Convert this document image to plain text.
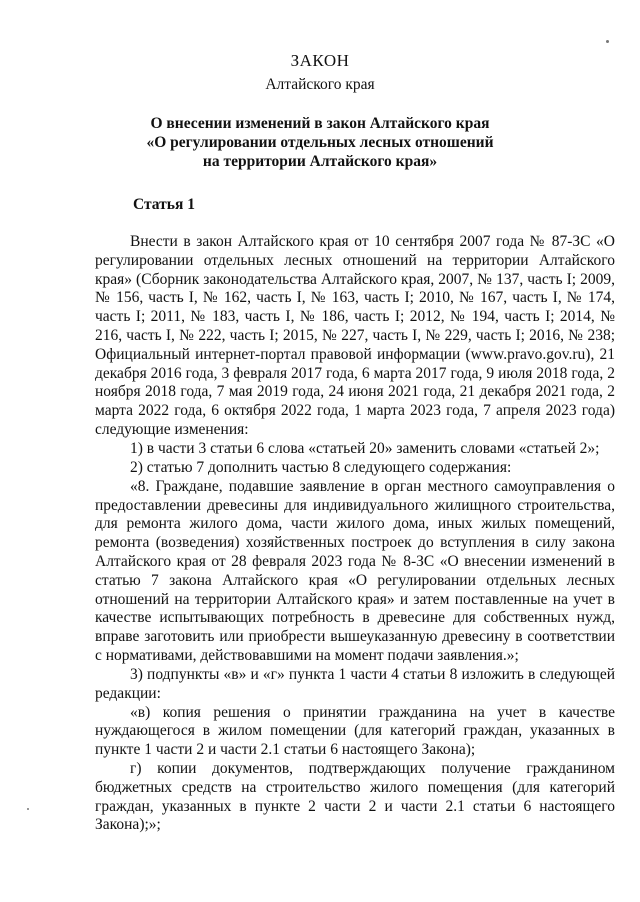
ЗАКОН
Алтайского края
О внесении изменений в закон Алтайского края
«О регулировании отдельных лесных отношений
на территории Алтайского края»
Статья 1

Внести в закон Алтайского края от 10 сентября 2007 года № 87-ЗС «О регулировании отдельных лесных отношений на территории Алтайского края» (Сборник законодательства Алтайского края, 2007, № 137, часть I; 2009, № 156, часть I, № 162, часть I, № 163, часть I; 2010, № 167, часть I, № 174, часть I; 2011, № 183, часть I, № 186, часть I; 2012, № 194, часть I; 2014, № 216, часть I, № 222, часть I; 2015, № 227, часть I, № 229, часть I; 2016, № 238; Официальный интернет-портал правовой информации (www.pravo.gov.ru), 21 декабря 2016 года, 3 февраля 2017 года, 6 марта 2017 года, 9 июля 2018 года, 2 ноября 2018 года, 7 мая 2019 года, 24 июня 2021 года, 21 декабря 2021 года, 2 марта 2022 года, 6 октября 2022 года, 1 марта 2023 года, 7 апреля 2023 года) следующие изменения:

1) в части 3 статьи 6 слова «статьей 20» заменить словами «статьей 2»;

2) статью 7 дополнить частью 8 следующего содержания:

«8. Граждане, подавшие заявление в орган местного самоуправления о предоставлении древесины для индивидуального жилищного строительства, для ремонта жилого дома, части жилого дома, иных жилых помещений, ремонта (возведения) хозяйственных построек до вступления в силу закона Алтайского края от 28 февраля 2023 года № 8-ЗС «О внесении изменений в статью 7 закона Алтайского края «О регулировании отдельных лесных отношений на территории Алтайского края» и затем поставленные на учет в качестве испытывающих потребность в древесине для собственных нужд, вправе заготовить или приобрести вышеуказанную древесину в соответствии с нормативами, действовавшими на момент подачи заявления.»;

3) подпункты «в» и «г» пункта 1 части 4 статьи 8 изложить в следующей редакции:

«в) копия решения о принятии гражданина на учет в качестве нуждающегося в жилом помещении (для категорий граждан, указанных в пункте 1 части 2 и части 2.1 статьи 6 настоящего Закона);

г) копии документов, подтверждающих получение гражданином бюджетных средств на строительство жилого помещения (для категорий граждан, указанных в пункте 2 части 2 и части 2.1 статьи 6 настоящего Закона);»;
